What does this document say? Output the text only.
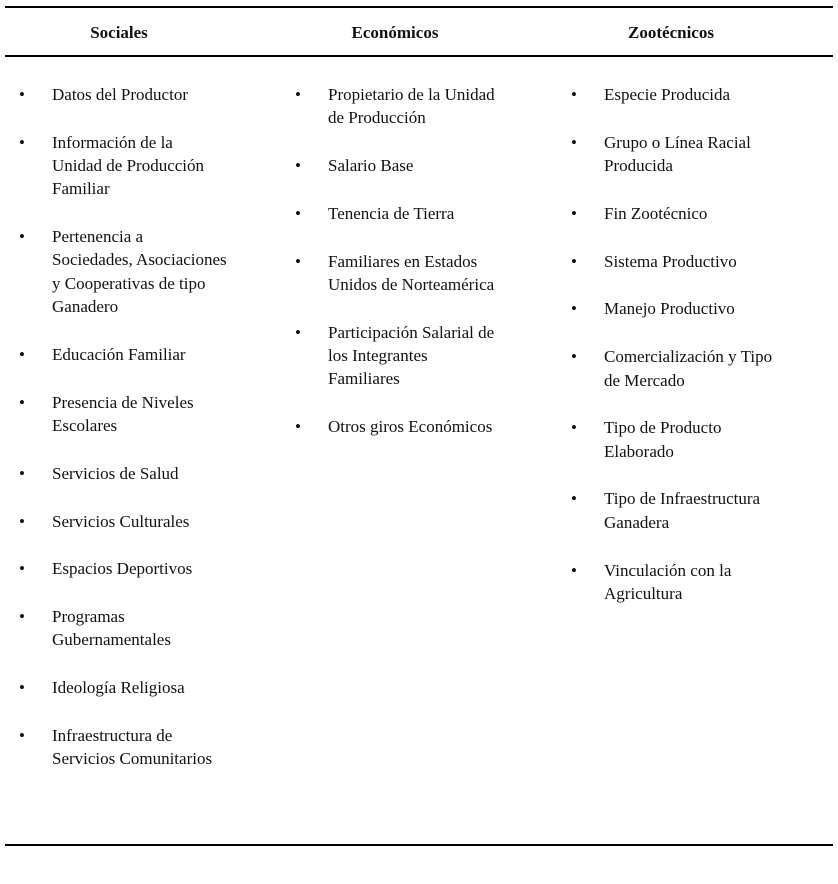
Sociales	Económicos	Zootécnicos
• Datos del Productor
• Información de la Unidad de Producción Familiar
• Pertenencia a Sociedades, Asociaciones y Cooperativas de tipo Ganadero
• Educación Familiar
• Presencia de Niveles Escolares
• Servicios de Salud
• Servicios Culturales
• Espacios Deportivos
• Programas Gubernamentales
• Ideología Religiosa
• Infraestructura de Servicios Comunitarios
• Propietario de la Unidad de Producción
• Salario Base
• Tenencia de Tierra
• Familiares en Estados Unidos de Norteamérica
• Participación Salarial de los Integrantes Familiares
• Otros giros Económicos
• Especie Producida
• Grupo o Línea Racial Producida
• Fin Zootécnico
• Sistema Productivo
• Manejo Productivo
• Comercialización y Tipo de Mercado
• Tipo de Producto Elaborado
• Tipo de Infraestructura Ganadera
• Vinculación con la Agricultura
